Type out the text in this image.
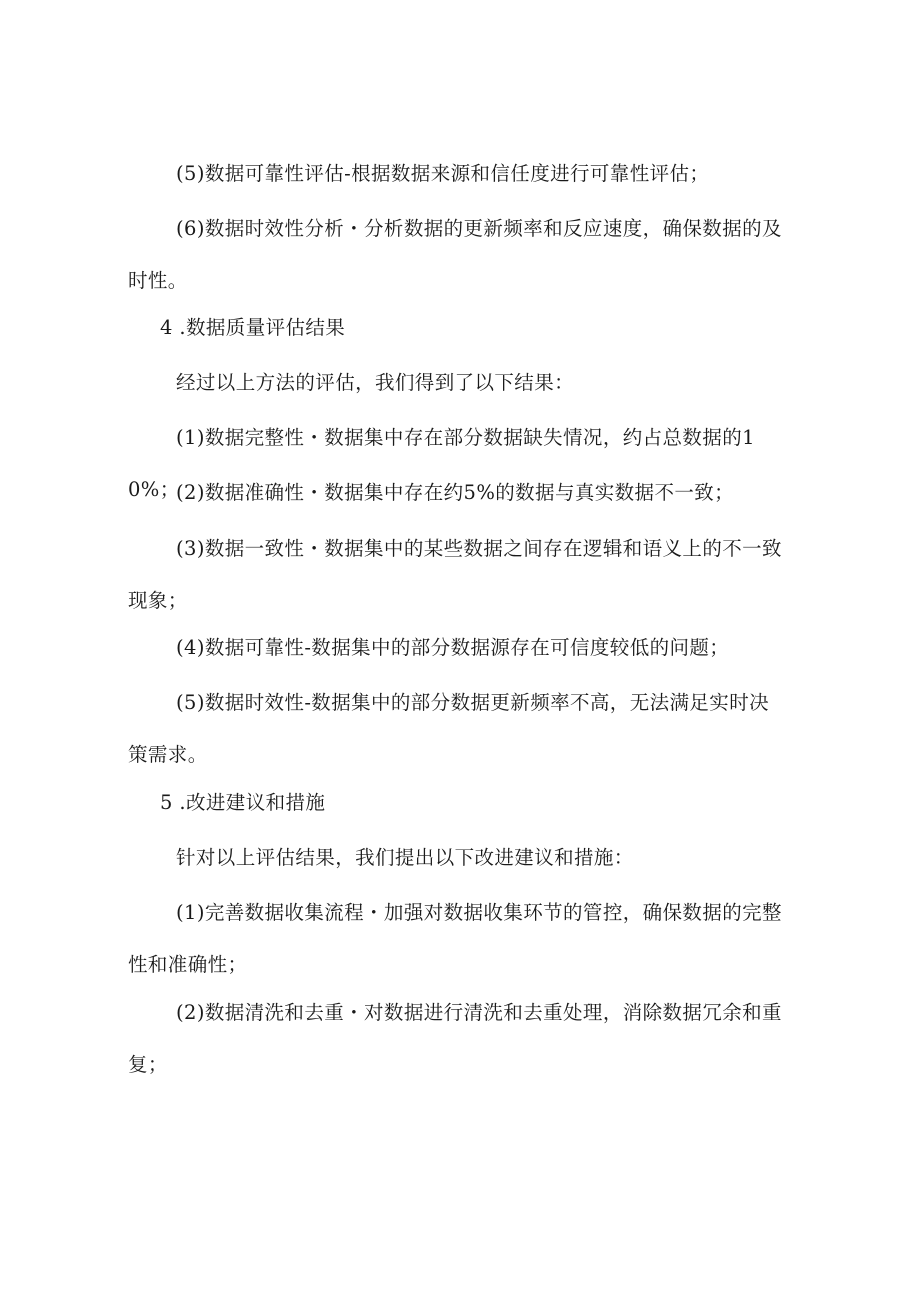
(5)数据可靠性评估-根据数据来源和信任度进行可靠性评估；

(6)数据时效性分析・分析数据的更新频率和反应速度，确保数据的及时性。

4 .数据质量评估结果

经过以上方法的评估，我们得到了以下结果：

(1)数据完整性・数据集中存在部分数据缺失情况，约占总数据的10%；

(2)数据准确性・数据集中存在约5%的数据与真实数据不一致；

(3)数据一致性・数据集中的某些数据之间存在逻辑和语义上的不一致现象；

(4)数据可靠性-数据集中的部分数据源存在可信度较低的问题；

(5)数据时效性-数据集中的部分数据更新频率不高，无法满足实时决策需求。

5 .改进建议和措施

针对以上评估结果，我们提出以下改进建议和措施：

(1)完善数据收集流程・加强对数据收集环节的管控，确保数据的完整性和准确性；

(2)数据清洗和去重・对数据进行清洗和去重处理，消除数据冗余和重复；
